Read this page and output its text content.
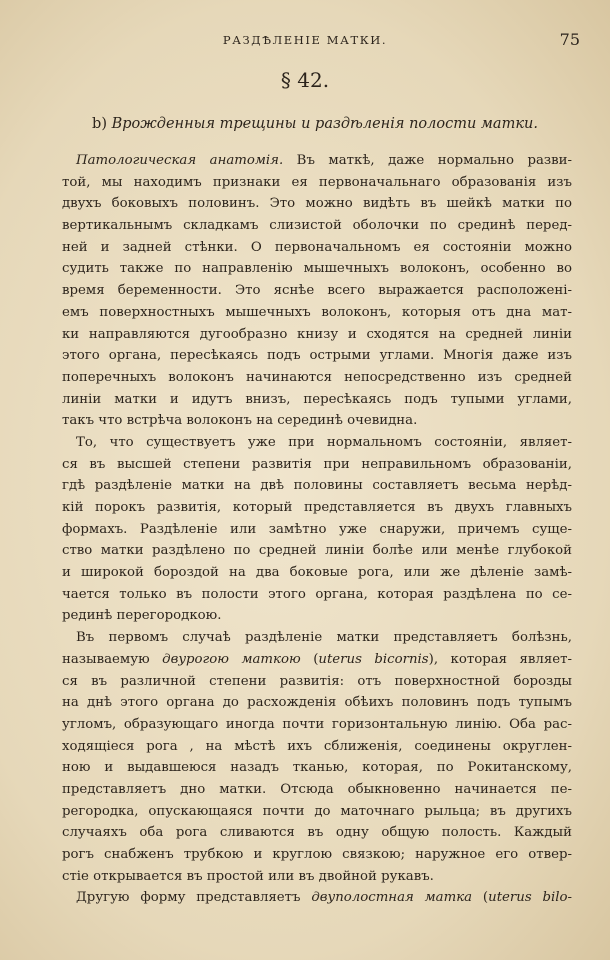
РАЗДѢЛЕНІЕ МАТКИ.	75
§ 42.
b) Врожденныя трещины и раздѣленія полости матки.
Патологическая анатомія. Въ маткѣ, даже нормально разви-
той, мы находимъ признаки ея первоначальнаго образованія изъ
двухъ боковыхъ половинъ. Это можно видѣть въ шейкѣ матки по
вертикальнымъ складкамъ слизистой оболочки по срединѣ перед-
ней и задней стѣнки. О первоначальномъ ея состояніи можно
судить также по направленію мышечныхъ волоконъ, особенно во
время беременности. Это яснѣе всего выражается расположені-
емъ поверхностныхъ мышечныхъ волоконъ, которыя отъ дна мат-
ки направляются дугообразно книзу и сходятся на средней линіи
этого органа, пересѣкаясь подъ острыми углами. Многія даже изъ
поперечныхъ волоконъ начинаются непосредственно изъ средней
линіи матки и идутъ внизъ, пересѣкаясь подъ тупыми углами,
такъ что встрѣча волоконъ на серединѣ очевидна.
То, что существуетъ уже при нормальномъ состояніи, являет-
ся въ высшей степени развитія при неправильномъ образованіи,
гдѣ раздѣленіе матки на двѣ половины составляетъ весьма нерѣд-
кій порокъ развитія, который представляется въ двухъ главныхъ
формахъ. Раздѣленіе или замѣтно уже снаружи, причемъ суще-
ство матки раздѣлено по средней линіи болѣе или менѣе глубокой
и широкой бороздой на два боковые рога, или же дѣленіе замѣ-
чается только въ полости этого органа, которая раздѣлена по се-
рединѣ перегородкою.
Въ первомъ случаѣ раздѣленіе матки представляетъ болѣзнь,
называемую двурогою маткою (uterus bicornis), которая являет-
ся въ различной степени развитія: отъ поверхностной борозды
на днѣ этого органа до расхожденія обѣихъ половинъ подъ тупымъ
угломъ, образующаго иногда почти горизонтальную линію. Оба рас-
ходящіеся рога , на мѣстѣ ихъ сближенія, соединены округлен-
ною и выдавшеюся назадъ тканью, которая, по Рокитанскому,
представляетъ дно матки. Отсюда обыкновенно начинается пе-
регородка, опускающаяся почти до маточнаго рыльца; въ другихъ
случаяхъ оба рога сливаются въ одну общую полость. Каждый
рогъ снабженъ трубкою и круглою связкою; наружное его отвер-
стіе открывается въ простой или въ двойной рукавъ.
Другую форму представляетъ двуполостная матка (uterus bilo-
